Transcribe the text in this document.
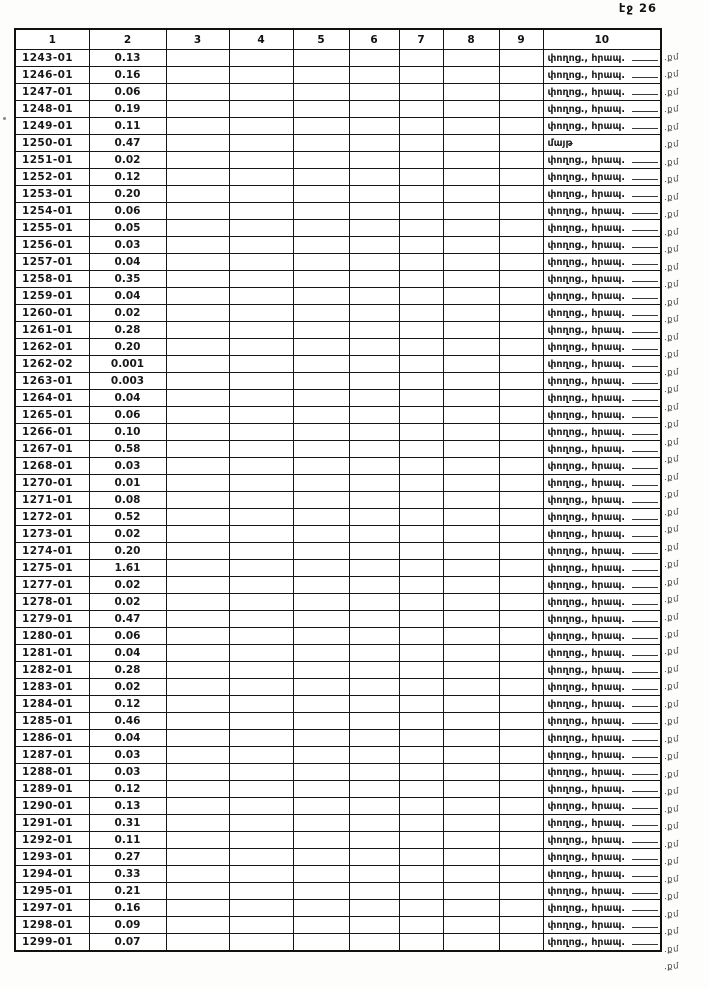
էջ 26
1	2	3	4	5	6	7	8	9	10
1243-01	0.13								փողոց., հրապ.
1246-01	0.16								փողոց., հրապ.
1247-01	0.06								փողոց., հրապ.
1248-01	0.19								փողոց., հրապ.
1249-01	0.11								փողոց., հրապ.
1250-01	0.47								մայթ
1251-01	0.02								փողոց., հրապ.
1252-01	0.12								փողոց., հրապ.
1253-01	0.20								փողոց., հրապ.
1254-01	0.06								փողոց., հրապ.
1255-01	0.05								փողոց., հրապ.
1256-01	0.03								փողոց., հրապ.
1257-01	0.04								փողոց., հրապ.
1258-01	0.35								փողոց., հրապ.
1259-01	0.04								փողոց., հրապ.
1260-01	0.02								փողոց., հրապ.
1261-01	0.28								փողոց., հրապ.
1262-01	0.20								փողոց., հրապ.
1262-02	0.001								փողոց., հրապ.
1263-01	0.003								փողոց., հրապ.
1264-01	0.04								փողոց., հրապ.
1265-01	0.06								փողոց., հրապ.
1266-01	0.10								փողոց., հրապ.
1267-01	0.58								փողոց., հրապ.
1268-01	0.03								փողոց., հրապ.
1270-01	0.01								փողոց., հրապ.
1271-01	0.08								փողոց., հրապ.
1272-01	0.52								փողոց., հրապ.
1273-01	0.02								փողոց., հրապ.
1274-01	0.20								փողոց., հրապ.
1275-01	1.61								փողոց., հրապ.
1277-01	0.02								փողոց., հրապ.
1278-01	0.02								փողոց., հրապ.
1279-01	0.47								փողոց., հրապ.
1280-01	0.06								փողոց., հրապ.
1281-01	0.04								փողոց., հրապ.
1282-01	0.28								փողոց., հրապ.
1283-01	0.02								փողոց., հրապ.
1284-01	0.12								փողոց., հրապ.
1285-01	0.46								փողոց., հրապ.
1286-01	0.04								փողոց., հրապ.
1287-01	0.03								փողոց., հրապ.
1288-01	0.03								փողոց., հրապ.
1289-01	0.12								փողոց., հրապ.
1290-01	0.13								փողոց., հրապ.
1291-01	0.31								փողոց., հրապ.
1292-01	0.11								փողոց., հրապ.
1293-01	0.27								փողոց., հրապ.
1294-01	0.33								փողոց., հրապ.
1295-01	0.21								փողոց., հրապ.
1297-01	0.16								փողոց., հրապ.
1298-01	0.09								փողոց., հրապ.
1299-01	0.07								փողոց., հրապ.
.քմ
.քմ
.քմ
.քմ
.քմ
.քմ
.քմ
.քմ
.քմ
.քմ
.քմ
.քմ
.քմ
.քմ
.քմ
.քմ
.քմ
.քմ
.քմ
.քմ
.քմ
.քմ
.քմ
.քմ
.քմ
.քմ
.քմ
.քմ
.քմ
.քմ
.քմ
.քմ
.քմ
.քմ
.քմ
.քմ
.քմ
.քմ
.քմ
.քմ
.քմ
.քմ
.քմ
.քմ
.քմ
.քմ
.քմ
.քմ
.քմ
.քմ
.քմ
.քմ
.քմ
